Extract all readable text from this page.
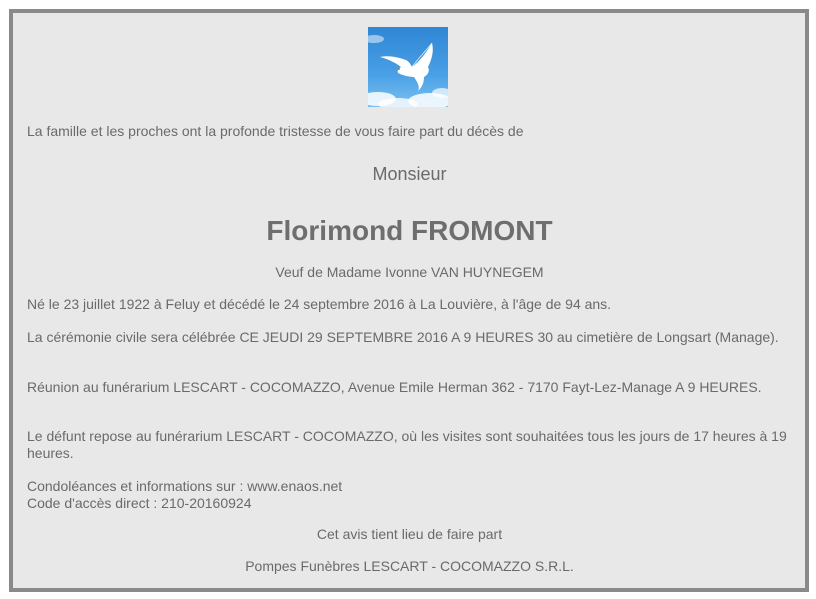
La famille et les proches ont la profonde tristesse de vous faire part du décès de

Monsieur

Florimond FROMONT

Veuf de Madame Ivonne VAN HUYNEGEM

Né le 23 juillet 1922 à Feluy et décédé le 24 septembre 2016 à La Louvière, à l'âge de 94 ans.

La cérémonie civile sera célébrée CE JEUDI 29 SEPTEMBRE 2016 A 9 HEURES 30 au cimetière de Longsart (Manage).

Réunion au funérarium LESCART - COCOMAZZO, Avenue Emile Herman 362 - 7170 Fayt-Lez-Manage A 9 HEURES.

Le défunt repose au funérarium LESCART - COCOMAZZO, où les visites sont souhaitées tous les jours de 17 heures à 19 heures.

Condoléances et informations sur : www.enaos.net

Code d'accès direct : 210-20160924

Cet avis tient lieu de faire part

Pompes Funèbres LESCART - COCOMAZZO S.R.L.
